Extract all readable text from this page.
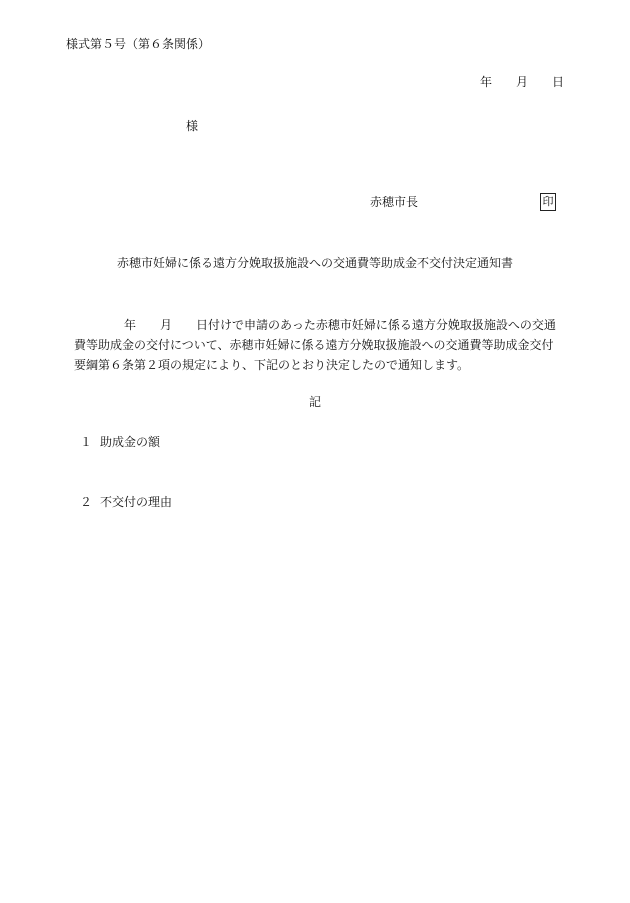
様式第５号（第６条関係）
年 月 日
様
赤穂市長	印
赤穂市妊婦に係る遠方分娩取扱施設への交通費等助成金不交付決定通知書
年 月 日付けで申請のあった赤穂市妊婦に係る遠方分娩取扱施設への交通
費等助成金の交付について、赤穂市妊婦に係る遠方分娩取扱施設への交通費等助成金交付
要綱第６条第２項の規定により、下記のとおり決定したので通知します。
記
１ 助成金の額
２ 不交付の理由
